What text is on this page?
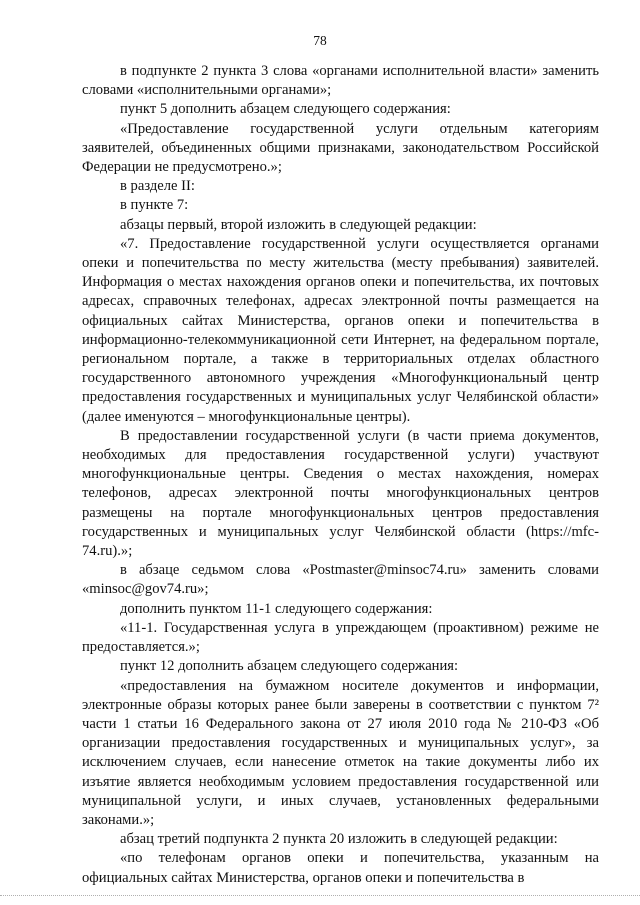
78

в подпункте 2 пункта 3 слова «органами исполнительной власти» заменить словами «исполнительными органами»;

пункт 5 дополнить абзацем следующего содержания:

«Предоставление государственной услуги отдельным категориям заявителей, объединенных общими признаками, законодательством Российской Федерации не предусмотрено.»;

в разделе II:

в пункте 7:

абзацы первый, второй изложить в следующей редакции:

«7. Предоставление государственной услуги осуществляется органами опеки и попечительства по месту жительства (месту пребывания) заявителей. Информация о местах нахождения органов опеки и попечительства, их почтовых адресах, справочных телефонах, адресах электронной почты размещается на официальных сайтах Министерства, органов опеки и попечительства в информационно-телекоммуникационной сети Интернет, на федеральном портале, региональном портале, а также в территориальных отделах областного государственного автономного учреждения «Многофункциональный центр предоставления государственных и муниципальных услуг Челябинской области» (далее именуются – многофункциональные центры).

В предоставлении государственной услуги (в части приема документов, необходимых для предоставления государственной услуги) участвуют многофункциональные центры. Сведения о местах нахождения, номерах телефонов, адресах электронной почты многофункциональных центров размещены на портале многофункциональных центров предоставления государственных и муниципальных услуг Челябинской области (https://mfc-74.ru).»;

в абзаце седьмом слова «Postmaster@minsoc74.ru» заменить словами «minsoc@gov74.ru»;

дополнить пунктом 11-1 следующего содержания:

«11-1. Государственная услуга в упреждающем (проактивном) режиме не предоставляется.»;

пункт 12 дополнить абзацем следующего содержания:

«предоставления на бумажном носителе документов и информации, электронные образы которых ранее были заверены в соответствии с пунктом 7² части 1 статьи 16 Федерального закона от 27 июля 2010 года № 210-ФЗ «Об организации предоставления государственных и муниципальных услуг», за исключением случаев, если нанесение отметок на такие документы либо их изъятие является необходимым условием предоставления государственной или муниципальной услуги, и иных случаев, установленных федеральными законами.»;

абзац третий подпункта 2 пункта 20 изложить в следующей редакции:

«по телефонам органов опеки и попечительства, указанным на официальных сайтах Министерства, органов опеки и попечительства в
